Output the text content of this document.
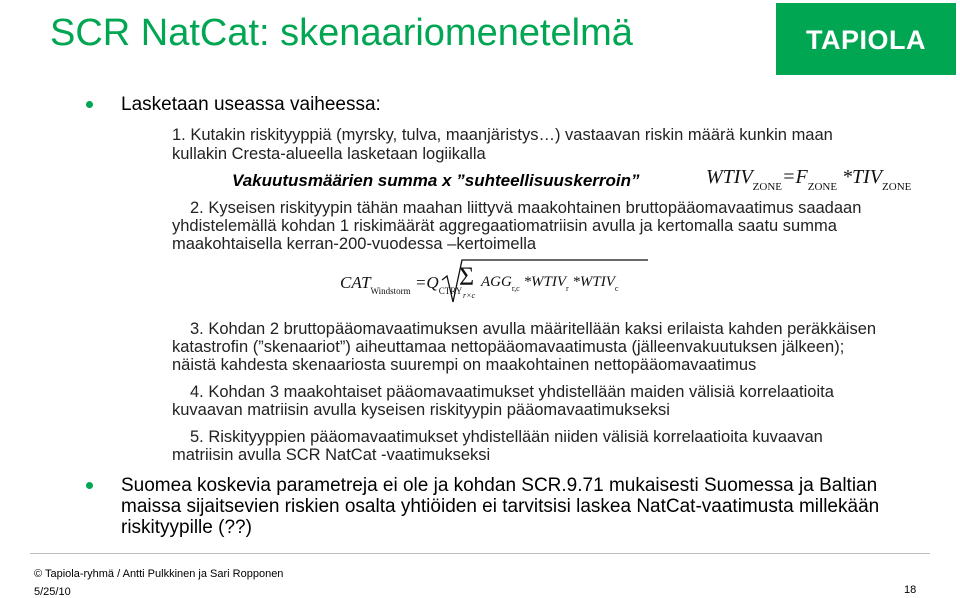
SCR NatCat: skenaariomenetelmä	TAPIOLA
Lasketaan useassa vaiheessa:
1. Kutakin riskityyppiä (myrsky, tulva, maanjäristys…) vastaavan riskin määrä kunkin maan
kullakin Cresta-alueella lasketaan logiikalla
Vakuutusmäärien summa x ”suhteellisuuskerroin”	$WTIV_{ZONE}=F_{ZONE}$ $*TIV_{ZONE}$
2. Kyseisen riskityypin tähän maahan liittyvä maakohtainen bruttopääomavaatimus saadaan
yhdistelemällä kohdan 1 riskimäärät aggregaatiomatriisin avulla ja kertomalla saatu summa
maakohtaisella kerran-200-vuodessa –kertoimella
$CAT_{Windstorm} =Q_{CTRY}$
Σ
r×c
$AGG_{r,c}$ $*WTIV_r$ $*WTIV_c$
3. Kohdan 2 bruttopääomavaatimuksen avulla määritellään kaksi erilaista kahden peräkkäisen
katastrofin (”skenaariot”) aiheuttamaa nettopääomavaatimusta (jälleenvakuutuksen jälkeen);
näistä kahdesta skenaariosta suurempi on maakohtainen nettopääomavaatimus
4. Kohdan 3 maakohtaiset pääomavaatimukset yhdistellään maiden välisiä korrelaatioita
kuvaavan matriisin avulla kyseisen riskityypin pääomavaatimukseksi
5. Riskityyppien pääomavaatimukset yhdistellään niiden välisiä korrelaatioita kuvaavan
matriisin avulla SCR NatCat -vaatimukseksi
Suomea koskevia parametreja ei ole ja kohdan SCR.9.71 mukaisesti Suomessa ja Baltian
maissa sijaitsevien riskien osalta yhtiöiden ei tarvitsisi laskea NatCat-vaatimusta millekään
riskityypille (??)
© Tapiola-ryhmä / Antti Pulkkinen ja Sari Ropponen
5/25/10	18
